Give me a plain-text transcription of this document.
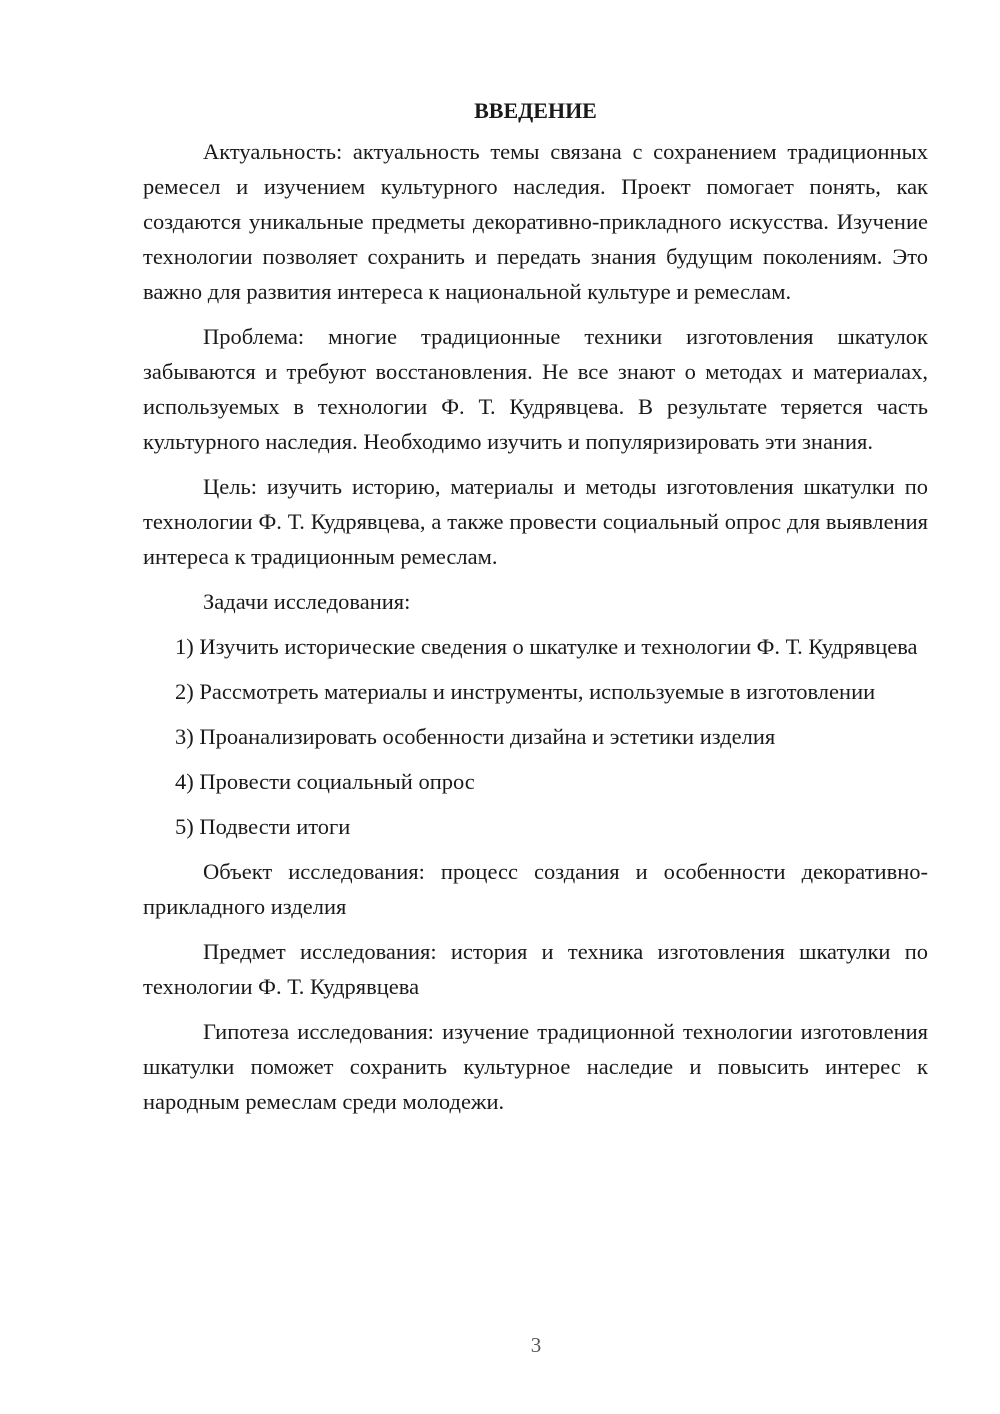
ВВЕДЕНИЕ

Актуальность: актуальность темы связана с сохранением традиционных ремесел и изучением культурного наследия. Проект помогает понять, как создаются уникальные предметы декоративно-прикладного искусства. Изучение технологии позволяет сохранить и передать знания будущим поколениям. Это важно для развития интереса к национальной культуре и ремеслам.

Проблема: многие традиционные техники изготовления шкатулок забываются и требуют восстановления. Не все знают о методах и материалах, используемых в технологии Ф. Т. Кудрявцева. В результате теряется часть культурного наследия. Необходимо изучить и популяризировать эти знания.

Цель: изучить историю, материалы и методы изготовления шкатулки по технологии Ф. Т. Кудрявцева, а также провести социальный опрос для выявления интереса к традиционным ремеслам.

Задачи исследования:

1) Изучить исторические сведения о шкатулке и технологии Ф. Т. Кудрявцева

2) Рассмотреть материалы и инструменты, используемые в изготовлении

3) Проанализировать особенности дизайна и эстетики изделия

4) Провести социальный опрос

5) Подвести итоги

Объект исследования: процесс создания и особенности декоративно-прикладного изделия

Предмет исследования: история и техника изготовления шкатулки по технологии Ф. Т. Кудрявцева

Гипотеза исследования: изучение традиционной технологии изготовления шкатулки поможет сохранить культурное наследие и повысить интерес к народным ремеслам среди молодежи.

3
